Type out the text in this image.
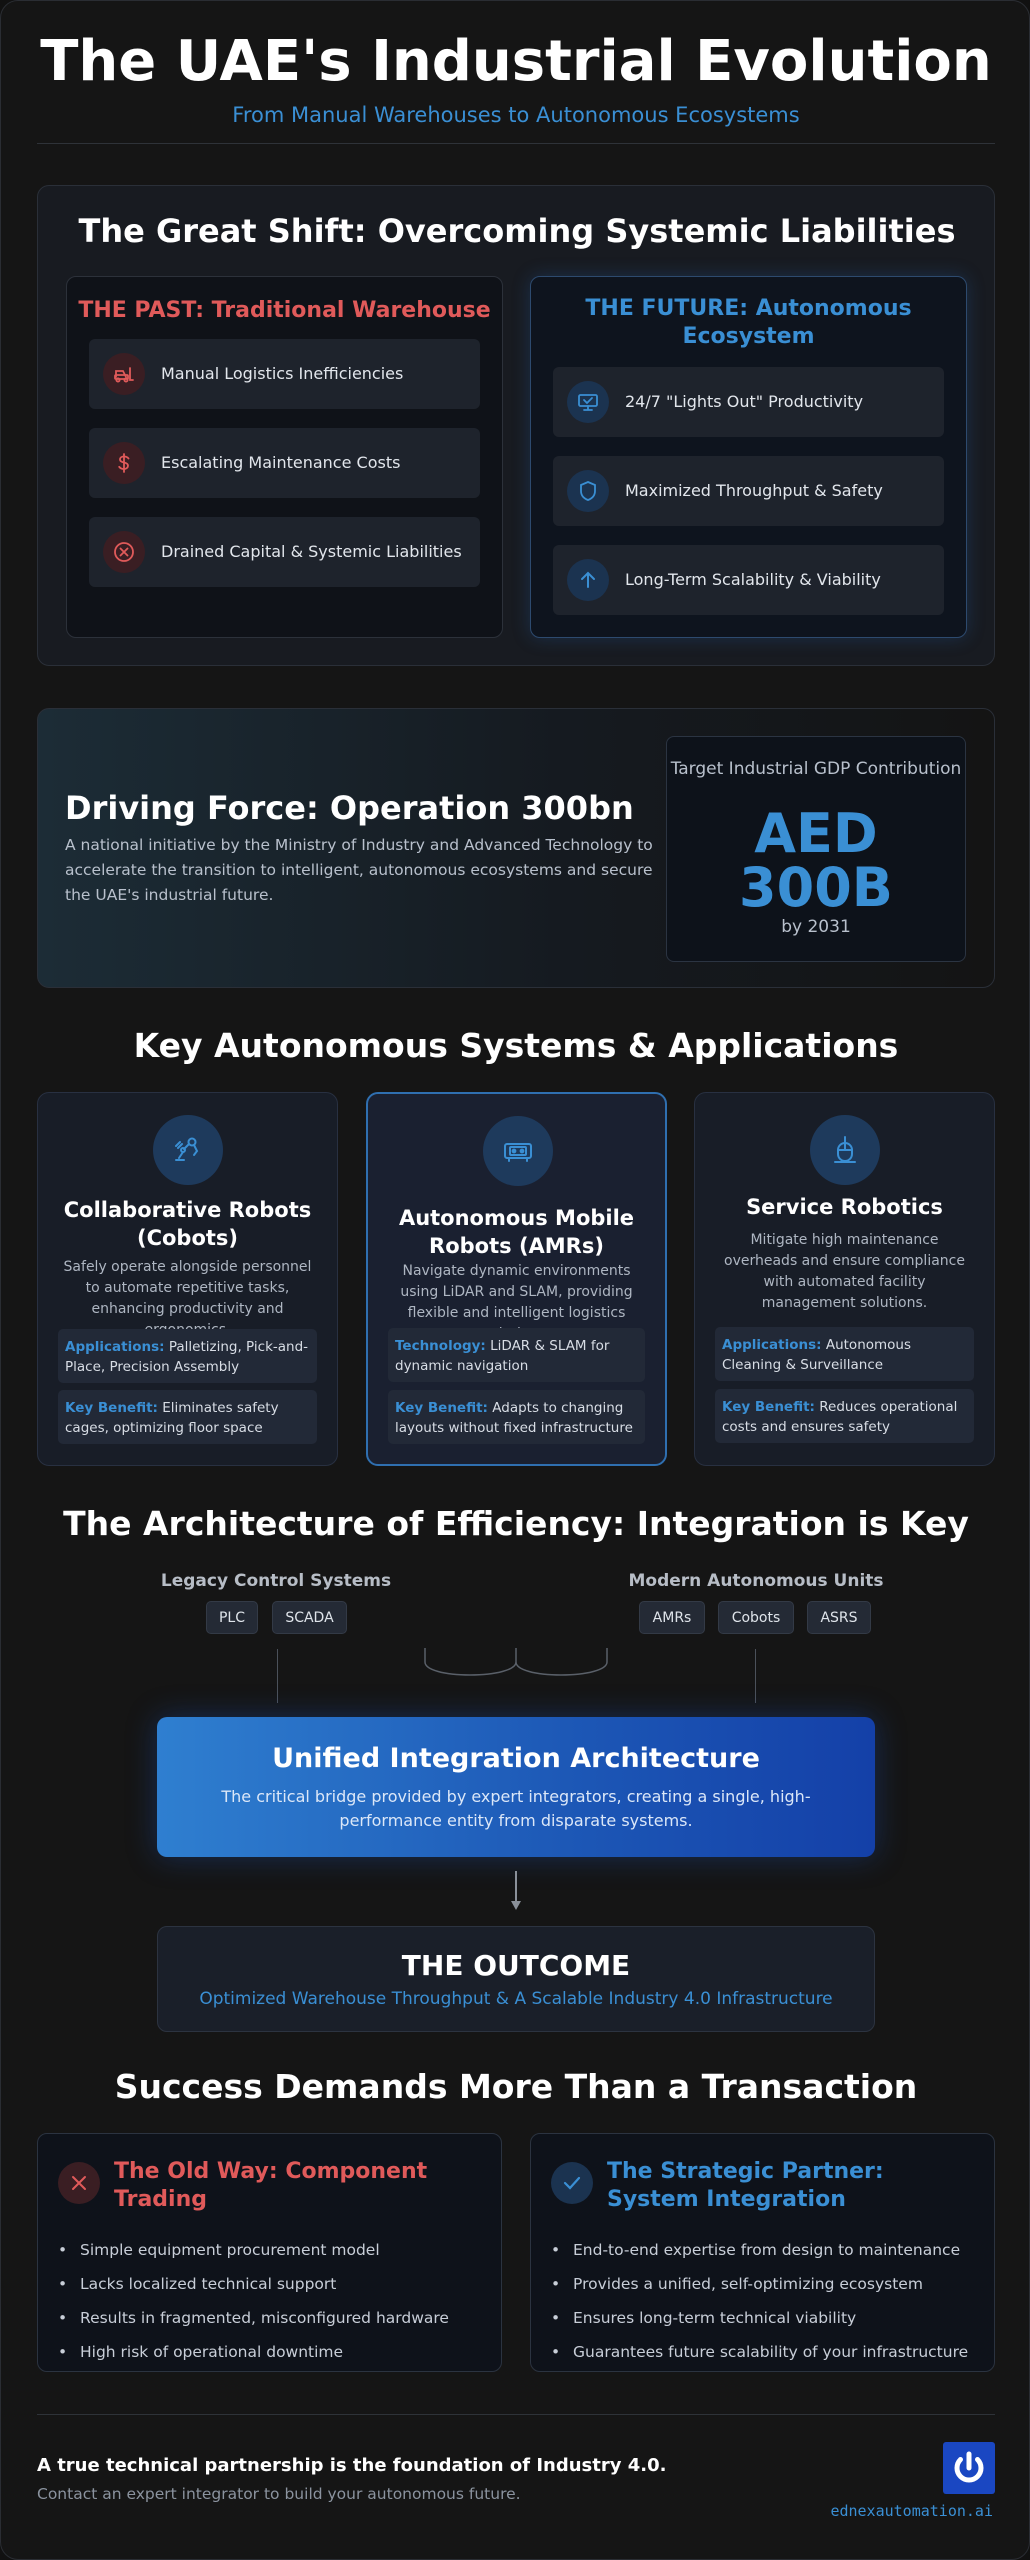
The UAE's Industrial Evolution
From Manual Warehouses to Autonomous Ecosystems
The Great Shift: Overcoming Systemic Liabilities
THE PAST: Traditional Warehouse
Manual Logistics Inefficiencies
Escalating Maintenance Costs
Drained Capital & Systemic Liabilities
THE FUTURE: Autonomous Ecosystem
24/7 "Lights Out" Productivity
Maximized Throughput & Safety
Long-Term Scalability & Viability
Driving Force: Operation 300bn
A national initiative by the Ministry of Industry and Advanced Technology to accelerate the transition to intelligent, autonomous ecosystems and secure the UAE's industrial future.
Target Industrial GDP Contribution
AED
300B
by 2031
Key Autonomous Systems & Applications
Collaborative Robots (Cobots)
Safely operate alongside personnel to automate repetitive tasks, enhancing productivity and
Applications: Palletizing, Pick-and-Place, Precision Assembly
Key Benefit: Eliminates safety cages, optimizing floor space
Autonomous Mobile Robots (AMRs)
Navigate dynamic environments using LiDAR and SLAM, providing flexible and intelligent logistics
Technology: LiDAR & SLAM for dynamic navigation
Key Benefit: Adapts to changing layouts without fixed infrastructure
Service Robotics
Mitigate high maintenance overheads and ensure compliance with automated facility management solutions.
Applications: Autonomous Cleaning & Surveillance
Key Benefit: Reduces operational costs and ensures safety
The Architecture of Efficiency: Integration is Key
Legacy Control Systems
PLC	SCADA
Modern Autonomous Units
AMRs	Cobots	ASRS
Unified Integration Architecture
The critical bridge provided by expert integrators, creating a single, high-performance entity from disparate systems.
THE OUTCOME
Optimized Warehouse Throughput & A Scalable Industry 4.0 Infrastructure
Success Demands More Than a Transaction
The Old Way: Component Trading
• Simple equipment procurement model
• Lacks localized technical support
• Results in fragmented, misconfigured hardware
• High risk of operational downtime
The Strategic Partner: System Integration
• End-to-end expertise from design to maintenance
• Provides a unified, self-optimizing ecosystem
• Ensures long-term technical viability
• Guarantees future scalability of your infrastructure
A true technical partnership is the foundation of Industry 4.0.
Contact an expert integrator to build your autonomous future.
ednexautomation.ai
